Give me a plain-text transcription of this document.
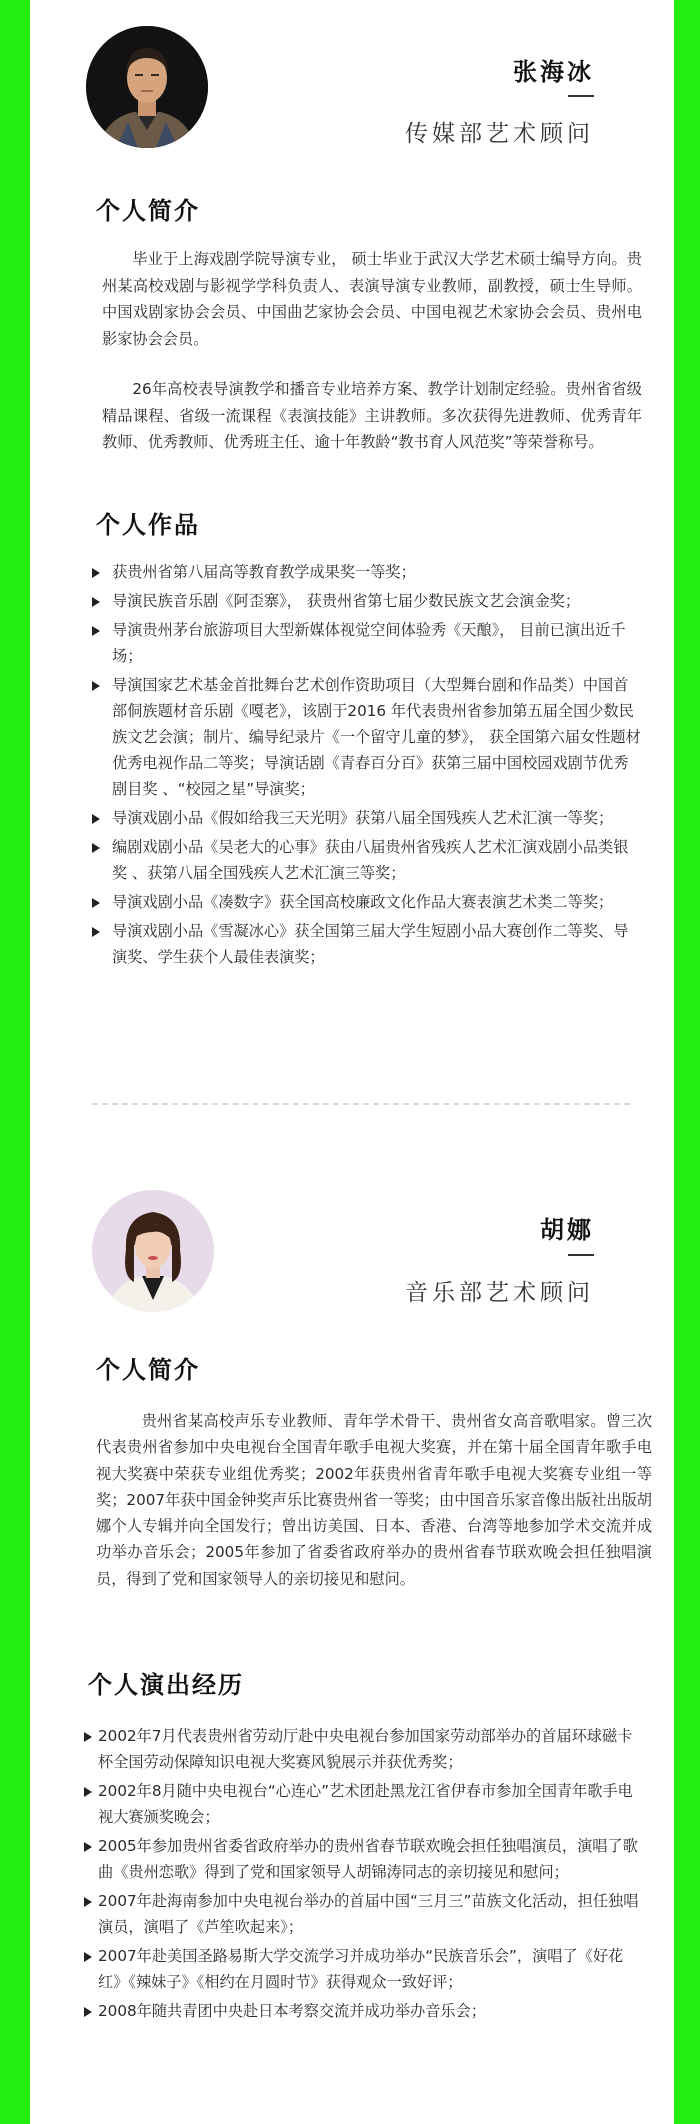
张海冰
传媒部艺术顾问
个人简介
毕业于上海戏剧学院导演专业， 硕士毕业于武汉大学艺术硕士编导方向。贵州某高校戏剧与影视学学科负责人、表演导演专业教师，副教授，硕士生导师。中国戏剧家协会会员、中国曲艺家协会会员、中国电视艺术家协会会员、贵州电影家协会会员。
26年高校表导演教学和播音专业培养方案、教学计划制定经验。贵州省省级精品课程、省级一流课程《表演技能》主讲教师。多次获得先进教师、优秀青年教师、优秀教师、优秀班主任、逾十年教龄“教书育人风范奖”等荣誉称号。
个人作品
获贵州省第八届高等教育教学成果奖一等奖；
导演民族音乐剧《阿歪寨》， 获贵州省第七届少数民族文艺会演金奖；
导演贵州茅台旅游项目大型新媒体视觉空间体验秀《天酿》， 目前已演出近千场；
导演国家艺术基金首批舞台艺术创作资助项目（大型舞台剧和作品类）中国首部侗族题材音乐剧《嘎老》，该剧于2016 年代表贵州省参加第五届全国少数民族文艺会演；制片、编导纪录片《一个留守儿童的梦》， 获全国第六届女性题材优秀电视作品二等奖；导演话剧《青春百分百》获第三届中国校园戏剧节优秀剧目奖 、“校园之星”导演奖；
导演戏剧小品《假如给我三天光明》获第八届全国残疾人艺术汇演一等奖；
编剧戏剧小品《吴老大的心事》获由八届贵州省残疾人艺术汇演戏剧小品类银奖 、获第八届全国残疾人艺术汇演三等奖；
导演戏剧小品《凑数字》获全国高校廉政文化作品大赛表演艺术类二等奖；
导演戏剧小品《雪凝冰心》获全国第三届大学生短剧小品大赛创作二等奖、导演奖、学生获个人最佳表演奖；
胡娜
音乐部艺术顾问
个人简介
贵州省某高校声乐专业教师、青年学术骨干、贵州省女高音歌唱家。曾三次代表贵州省参加中央电视台全国青年歌手电视大奖赛，并在第十届全国青年歌手电视大奖赛中荣获专业组优秀奖；2002年获贵州省青年歌手电视大奖赛专业组一等奖；2007年获中国金钟奖声乐比赛贵州省一等奖；由中国音乐家音像出版社出版胡娜个人专辑并向全国发行；曾出访美国、日本、香港、台湾等地参加学术交流并成功举办音乐会；2005年参加了省委省政府举办的贵州省春节联欢晚会担任独唱演员，得到了党和国家领导人的亲切接见和慰问。
个人演出经历
2002年7月代表贵州省劳动厅赴中央电视台参加国家劳动部举办的首届环球磁卡杯全国劳动保障知识电视大奖赛风貌展示并获优秀奖；
2002年8月随中央电视台“心连心”艺术团赴黑龙江省伊春市参加全国青年歌手电视大赛颁奖晚会；
2005年参加贵州省委省政府举办的贵州省春节联欢晚会担任独唱演员，演唱了歌曲《贵州恋歌》得到了党和国家领导人胡锦涛同志的亲切接见和慰问；
2007年赴海南参加中央电视台举办的首届中国“三月三”苗族文化活动，担任独唱演员，演唱了《芦笙吹起来》；
2007年赴美国圣路易斯大学交流学习并成功举办“民族音乐会”，演唱了《好花红》《辣妹子》《相约在月圆时节》获得观众一致好评；
2008年随共青团中央赴日本考察交流并成功举办音乐会；
